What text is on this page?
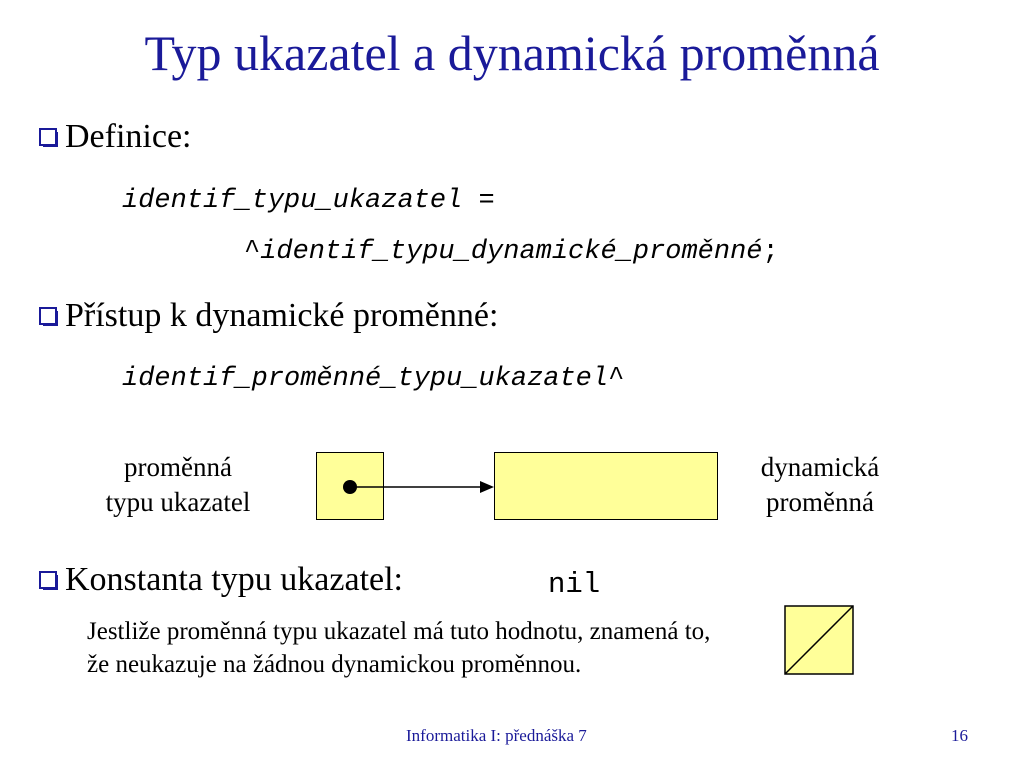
Typ ukazatel a dynamická proměnná
Definice:
identif_typu_ukazatel =
^identif_typu_dynamické_proměnné;
Přístup k dynamické proměnné:
identif_proměnné_typu_ukazatel^
proměnná
typu ukazatel
dynamická
proměnná
Konstanta typu ukazatel:	nil
Jestliže proměnná typu ukazatel má tuto hodnotu, znamená to, že neukazuje na žádnou dynamickou proměnnou.
Informatika I: přednáška 7	16
